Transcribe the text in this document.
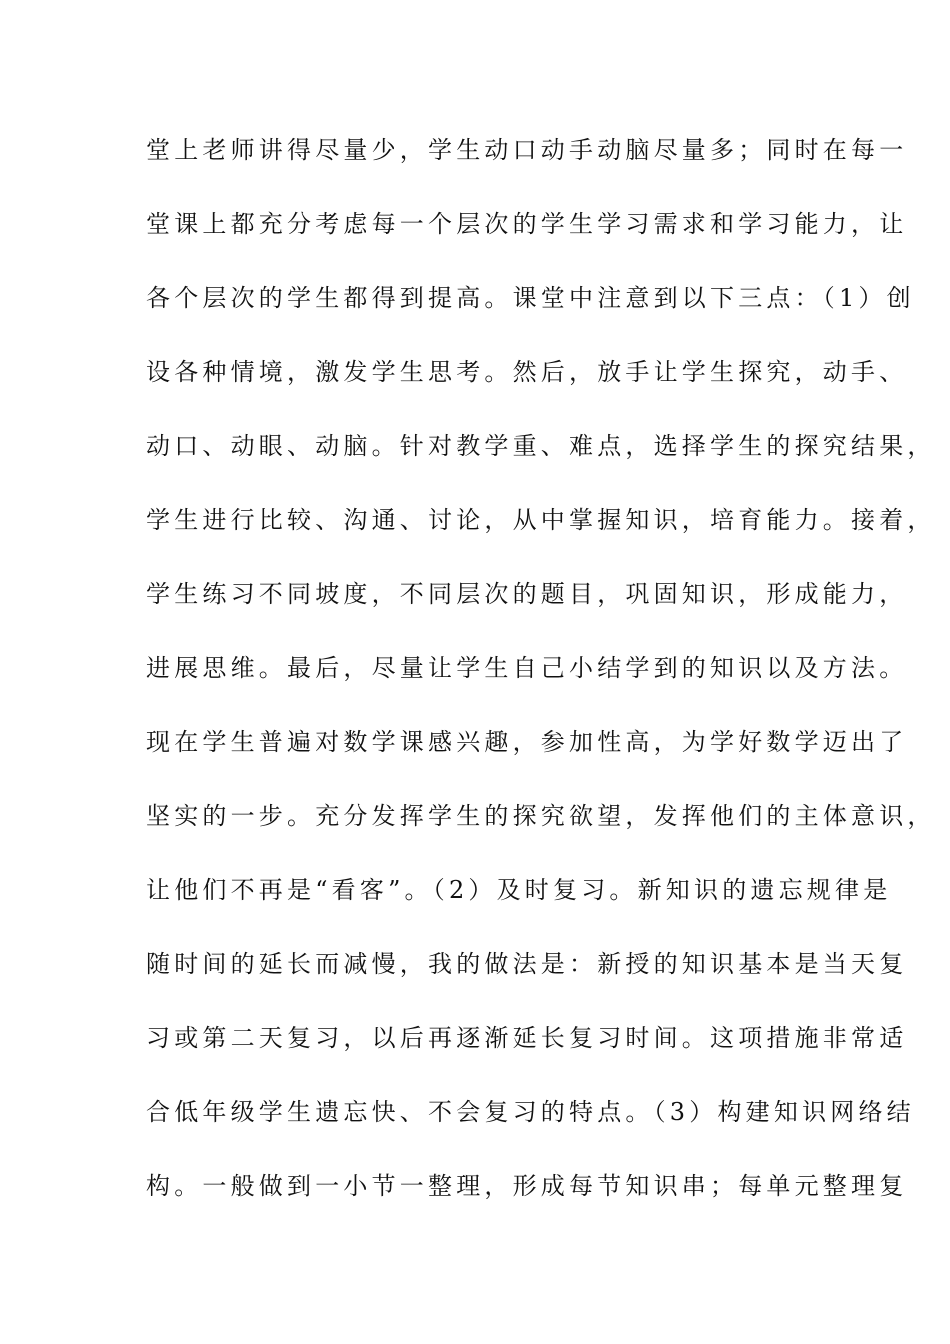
堂上老师讲得尽量少，学生动口动手动脑尽量多；同时在每一
堂课上都充分考虑每一个层次的学生学习需求和学习能力，让
各个层次的学生都得到提高。课堂中注意到以下三点：（1）创
设各种情境，激发学生思考。然后，放手让学生探究，动手、
动口、动眼、动脑。针对教学重、难点，选择学生的探究结果，
学生进行比较、沟通、讨论，从中掌握知识，培育能力。接着，
学生练习不同坡度，不同层次的题目，巩固知识，形成能力，
进展思维。最后，尽量让学生自己小结学到的知识以及方法。
现在学生普遍对数学课感兴趣，参加性高，为学好数学迈出了
坚实的一步。充分发挥学生的探究欲望，发挥他们的主体意识，
让他们不再是“看客”。（2）及时复习。新知识的遗忘规律是
随时间的延长而减慢，我的做法是：新授的知识基本是当天复
习或第二天复习，以后再逐渐延长复习时间。这项措施非常适
合低年级学生遗忘快、不会复习的特点。（3）构建知识网络结
构。一般做到一小节一整理，形成每节知识串；每单元整理复
